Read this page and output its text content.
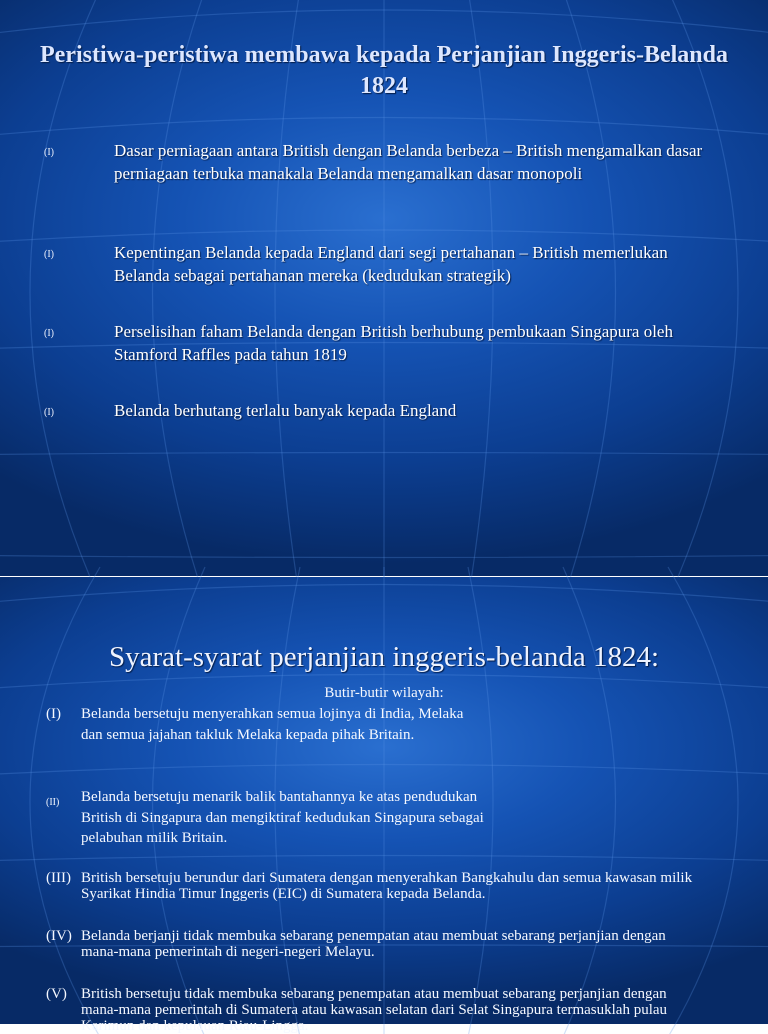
Peristiwa-peristiwa membawa kepada Perjanjian Inggeris-Belanda 1824
(I)	Dasar perniagaan antara British dengan Belanda berbeza – British mengamalkan dasar perniagaan terbuka manakala Belanda mengamalkan dasar monopoli
(I)	Kepentingan Belanda kepada England dari segi pertahanan – British memerlukan Belanda sebagai pertahanan mereka (kedudukan strategik)
(I)	Perselisihan faham Belanda dengan British berhubung pembukaan Singapura oleh Stamford Raffles pada tahun 1819
(I)	Belanda berhutang terlalu banyak kepada England
Syarat-syarat perjanjian inggeris-belanda 1824:
Butir-butir wilayah:
(I) Belanda bersetuju menyerahkan semua lojinya di India, Melaka dan semua jajahan takluk Melaka kepada pihak Britain.
(II) Belanda bersetuju menarik balik bantahannya ke atas pendudukan British di Singapura dan mengiktiraf kedudukan Singapura sebagai pelabuhan milik Britain.
(III) British bersetuju berundur dari Sumatera dengan menyerahkan Bangkahulu dan semua kawasan milik Syarikat Hindia Timur Inggeris (EIC) di Sumatera kepada Belanda.
(IV) Belanda berjanji tidak membuka sebarang penempatan atau membuat sebarang perjanjian dengan mana-mana pemerintah di negeri-negeri Melayu.
(V) British bersetuju tidak membuka sebarang penempatan atau membuat sebarang perjanjian dengan mana-mana pemerintah di Sumatera atau kawasan selatan dari Selat Singapura termasuklah pulau Karimun dan kepulauan Riau-Lingga.
